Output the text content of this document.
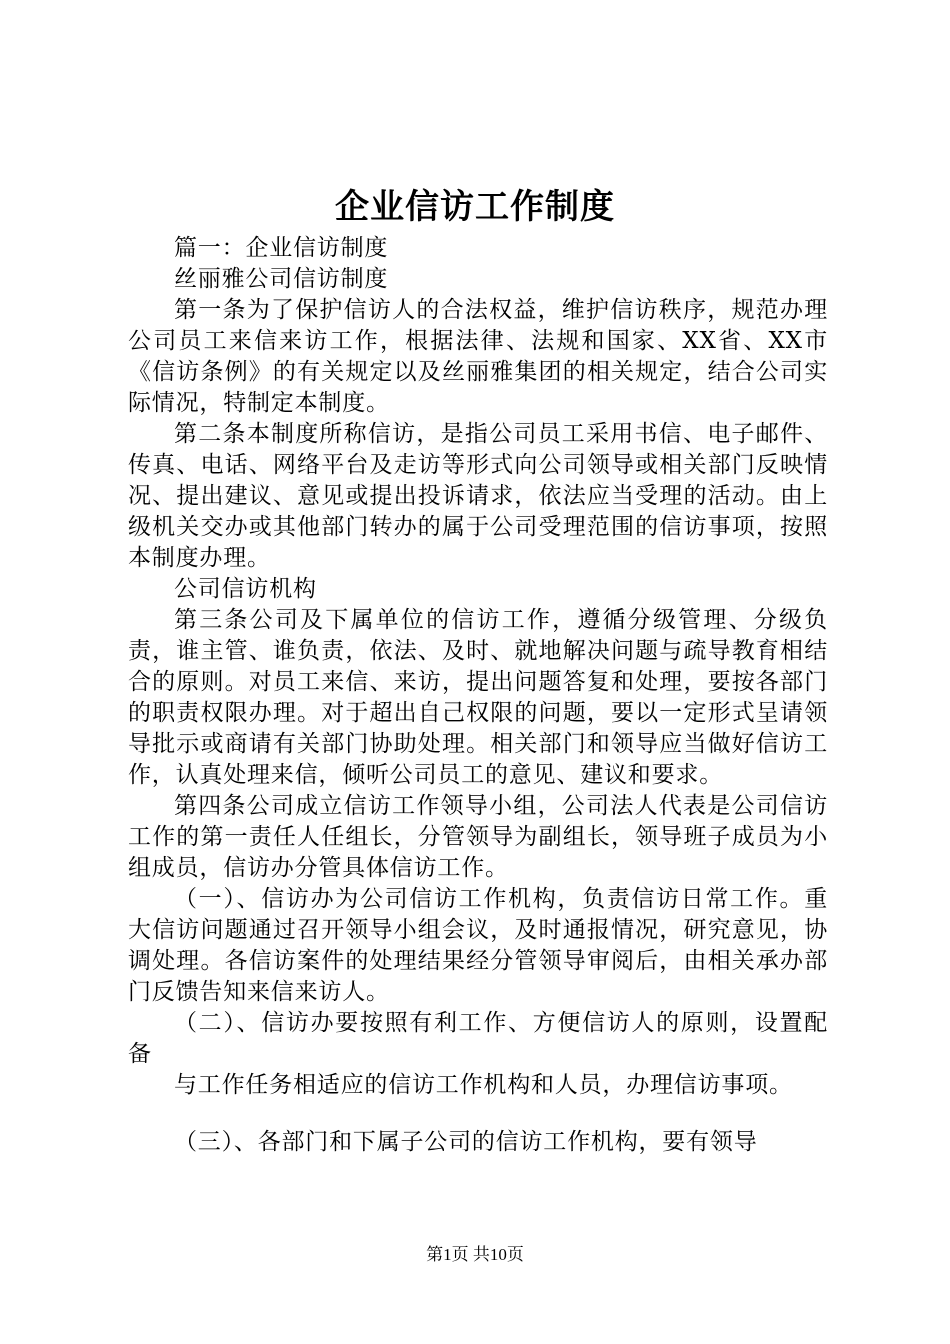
企业信访工作制度

篇一：企业信访制度

丝丽雅公司信访制度

第一条为了保护信访人的合法权益，维护信访秩序，规范办理公司员工来信来访工作，根据法律、法规和国家、XX省、XX市《信访条例》的有关规定以及丝丽雅集团的相关规定，结合公司实际情况，特制定本制度。

第二条本制度所称信访，是指公司员工采用书信、电子邮件、传真、电话、网络平台及走访等形式向公司领导或相关部门反映情况、提出建议、意见或提出投诉请求，依法应当受理的活动。由上级机关交办或其他部门转办的属于公司受理范围的信访事项，按照本制度办理。

公司信访机构

第三条公司及下属单位的信访工作，遵循分级管理、分级负责，谁主管、谁负责，依法、及时、就地解决问题与疏导教育相结合的原则。对员工来信、来访，提出问题答复和处理，要按各部门的职责权限办理。对于超出自己权限的问题，要以一定形式呈请领导批示或商请有关部门协助处理。相关部门和领导应当做好信访工作，认真处理来信，倾听公司员工的意见、建议和要求。

第四条公司成立信访工作领导小组，公司法人代表是公司信访工作的第一责任人任组长，分管领导为副组长，领导班子成员为小组成员，信访办分管具体信访工作。

（一）、信访办为公司信访工作机构，负责信访日常工作。重大信访问题通过召开领导小组会议，及时通报情况，研究意见，协调处理。各信访案件的处理结果经分管领导审阅后，由相关承办部门反馈告知来信来访人。

（二）、信访办要按照有利工作、方便信访人的原则，设置配备

与工作任务相适应的信访工作机构和人员，办理信访事项。

（三）、各部门和下属子公司的信访工作机构，要有领导

第1页 共10页
